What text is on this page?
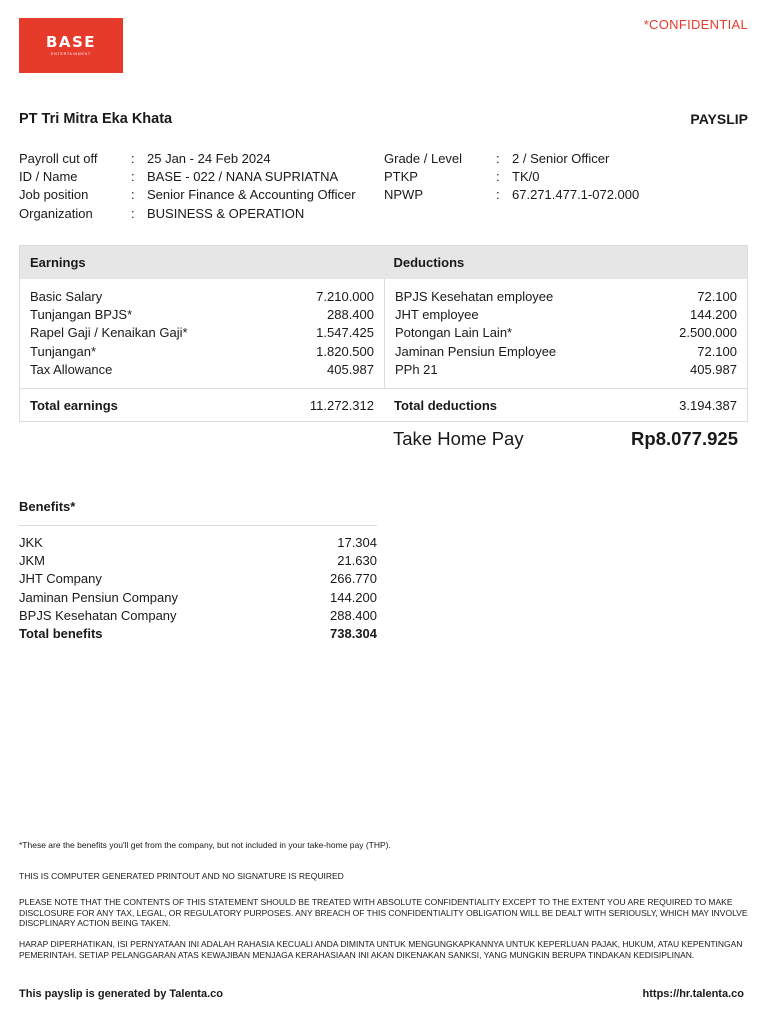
BASE
ENTERTAINMENT
*CONFIDENTIAL
PT Tri Mitra Eka Khata	PAYSLIP
Payroll cut off	: 25 Jan - 24 Feb 2024
ID / Name	: BASE - 022 / NANA SUPRIATNA
Job position	: Senior Finance & Accounting Officer
Organization	: BUSINESS & OPERATION
Grade / Level	: 2 / Senior Officer
PTKP	: TK/0
NPWP	: 67.271.477.1-072.000
Earnings	Deductions
Basic Salary	7.210.000
Tunjangan BPJS*	288.400
Rapel Gaji / Kenaikan Gaji*	1.547.425
Tunjangan*	1.820.500
Tax Allowance	405.987
BPJS Kesehatan employee	72.100
JHT employee	144.200
Potongan Lain Lain*	2.500.000
Jaminan Pensiun Employee	72.100
PPh 21	405.987
Total earnings	11.272.312 Total deductions	3.194.387
Take Home Pay	Rp8.077.925
Benefits*
JKK	17.304
JKM	21.630
JHT Company	266.770
Jaminan Pensiun Company	144.200
BPJS Kesehatan Company	288.400
Total benefits	738.304
*These are the benefits you'll get from the company, but not included in your take-home pay (THP).
THIS IS COMPUTER GENERATED PRINTOUT AND NO SIGNATURE IS REQUIRED
PLEASE NOTE THAT THE CONTENTS OF THIS STATEMENT SHOULD BE TREATED WITH ABSOLUTE CONFIDENTIALITY EXCEPT TO THE EXTENT YOU ARE REQUIRED TO MAKE DISCLOSURE FOR ANY TAX, LEGAL, OR REGULATORY PURPOSES. ANY BREACH OF THIS CONFIDENTIALITY OBLIGATION WILL BE DEALT WITH SERIOUSLY, WHICH MAY INVOLVE DISCPLINARY ACTION BEING TAKEN.
HARAP DIPERHATIKAN, ISI PERNYATAAN INI ADALAH RAHASIA KECUALI ANDA DIMINTA UNTUK MENGUNGKAPKANNYA UNTUK KEPERLUAN PAJAK, HUKUM, ATAU KEPENTINGAN PEMERINTAH. SETIAP PELANGGARAN ATAS KEWAJIBAN MENJAGA KERAHASIAAN INI AKAN DIKENAKAN SANKSI, YANG MUNGKIN BERUPA TINDAKAN KEDISIPLINAN.
This payslip is generated by Talenta.co	https://hr.talenta.co
